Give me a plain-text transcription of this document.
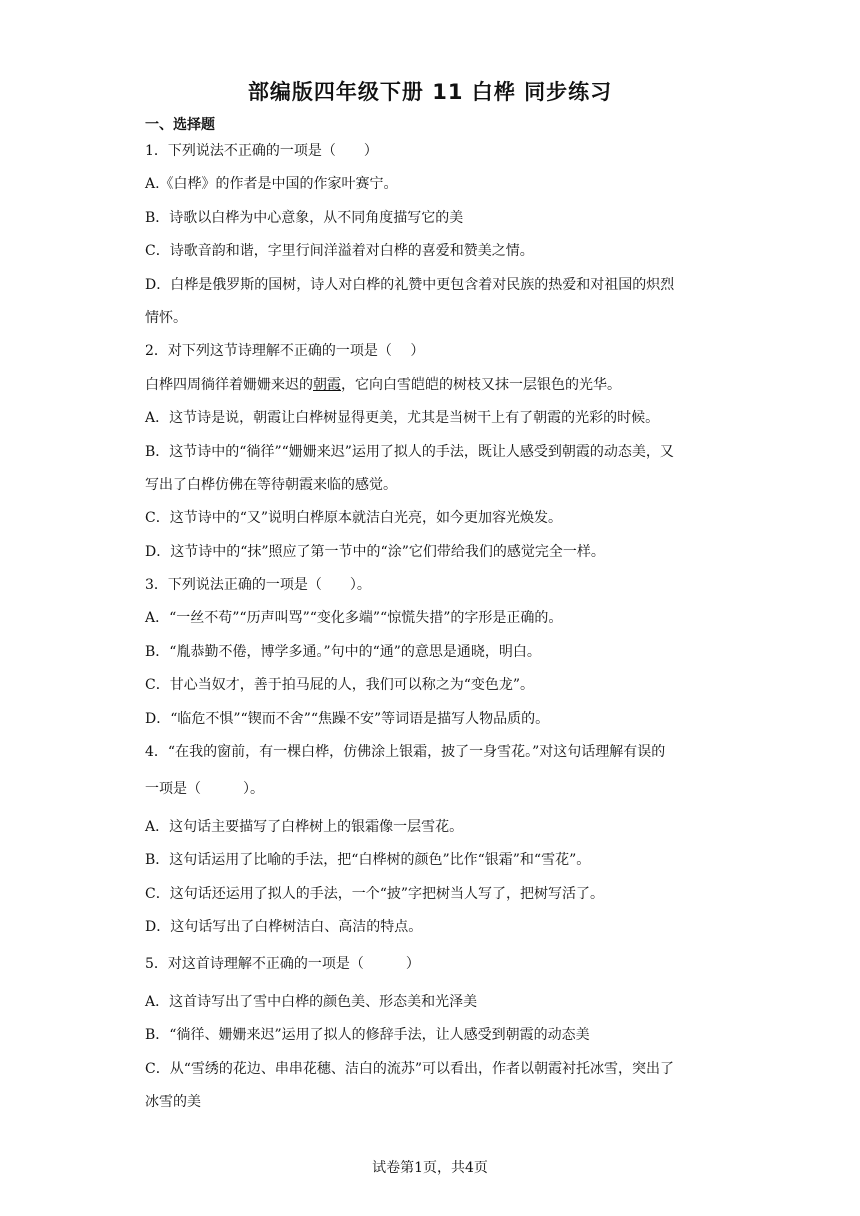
部编版四年级下册 11 白桦 同步练习
一、选择题
1．下列说法不正确的一项是（　　）
A.《白桦》的作者是中国的作家叶赛宁。
B．诗歌以白桦为中心意象，从不同角度描写它的美
C．诗歌音韵和谐，字里行间洋溢着对白桦的喜爱和赞美之情。
D．白桦是俄罗斯的国树，诗人对白桦的礼赞中更包含着对民族的热爱和对祖国的炽烈
情怀。
2．对下列这节诗理解不正确的一项是（　 ）
白桦四周徜徉着姗姗来迟的朝霞，它向白雪皑皑的树枝又抹一层银色的光华。
A．这节诗是说，朝霞让白桦树显得更美，尤其是当树干上有了朝霞的光彩的时候。
B．这节诗中的“徜徉”“姗姗来迟”运用了拟人的手法，既让人感受到朝霞的动态美，又
写出了白桦仿佛在等待朝霞来临的感觉。
C．这节诗中的“又”说明白桦原本就洁白光亮，如今更加容光焕发。
D．这节诗中的“抹”照应了第一节中的“涂”它们带给我们的感觉完全一样。
3．下列说法正确的一项是（　　）。
A．“一丝不苟”“历声叫骂”“变化多端”“惊慌失措”的字形是正确的。
B．“胤恭勤不倦，博学多通。”句中的“通”的意思是通晓，明白。
C．甘心当奴才，善于拍马屁的人，我们可以称之为“变色龙”。
D．“临危不惧”“锲而不舍”“焦躁不安”等词语是描写人物品质的。
4．“在我的窗前，有一棵白桦，仿佛涂上银霜，披了一身雪花。”对这句话理解有误的
一项是（　　　）。
A．这句话主要描写了白桦树上的银霜像一层雪花。
B．这句话运用了比喻的手法，把“白桦树的颜色”比作“银霜”和“雪花”。
C．这句话还运用了拟人的手法，一个“披”字把树当人写了，把树写活了。
D．这句话写出了白桦树洁白、高洁的特点。
5．对这首诗理解不正确的一项是（　　　）
A．这首诗写出了雪中白桦的颜色美、形态美和光泽美
B．“徜徉、姗姗来迟”运用了拟人的修辞手法，让人感受到朝霞的动态美
C．从“雪绣的花边、串串花穗、洁白的流苏”可以看出，作者以朝霞衬托冰雪，突出了
冰雪的美
试卷第1页，共4页
